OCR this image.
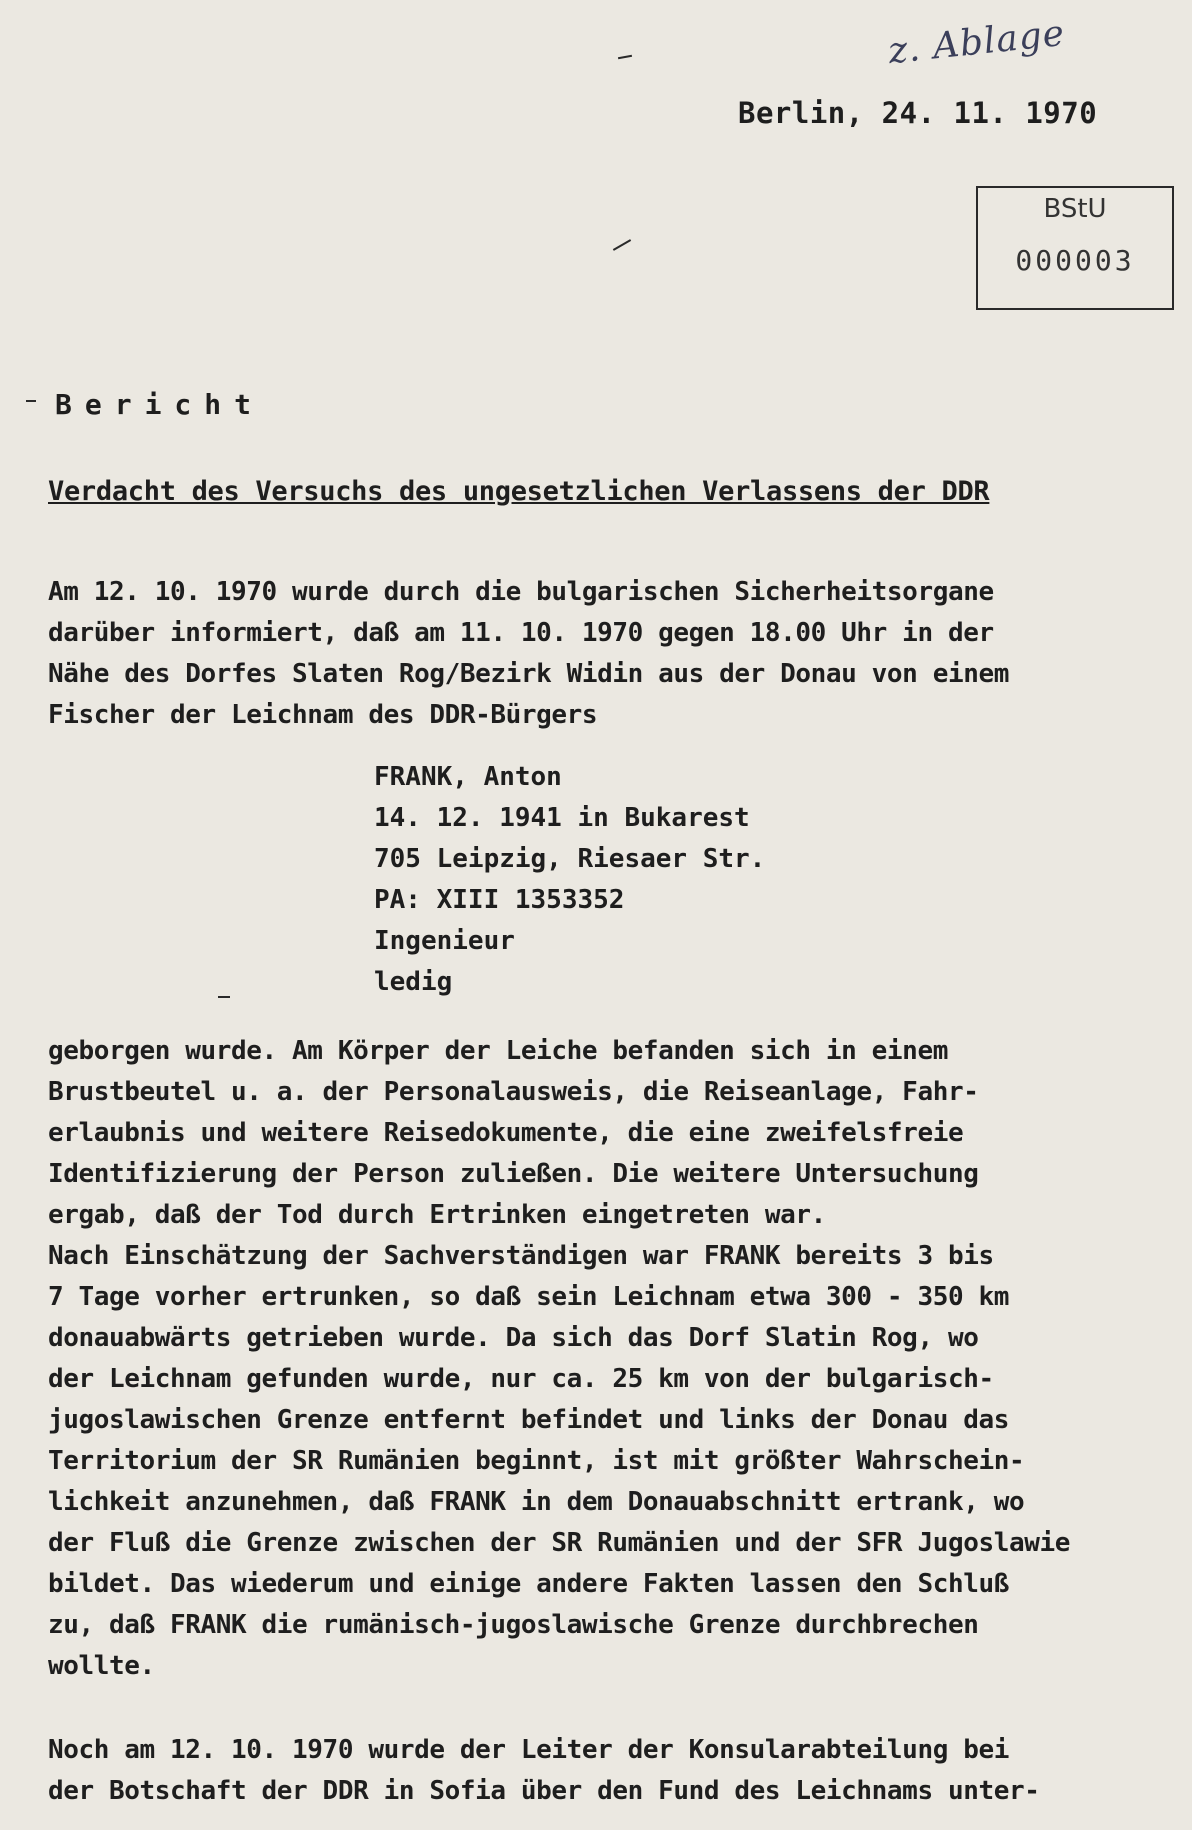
z. Ablage
Berlin, 24. 11. 1970
BStU
000003
Bericht
Verdacht des Versuchs des ungesetzlichen Verlassens der DDR
Am 12. 10. 1970 wurde durch die bulgarischen Sicherheitsorgane
darüber informiert, daß am 11. 10. 1970 gegen 18.00 Uhr in der
Nähe des Dorfes Slaten Rog/Bezirk Widin aus der Donau von einem
Fischer der Leichnam des DDR-Bürgers
FRANK, Anton
14. 12. 1941 in Bukarest
705 Leipzig, Riesaer Str.
PA: XIII 1353352
Ingenieur
ledig
geborgen wurde. Am Körper der Leiche befanden sich in einem
Brustbeutel u. a. der Personalausweis, die Reiseanlage, Fahr-
erlaubnis und weitere Reisedokumente, die eine zweifelsfreie
Identifizierung der Person zuließen. Die weitere Untersuchung
ergab, daß der Tod durch Ertrinken eingetreten war.
Nach Einschätzung der Sachverständigen war FRANK bereits 3 bis
7 Tage vorher ertrunken, so daß sein Leichnam etwa 300 - 350 km
donauabwärts getrieben wurde. Da sich das Dorf Slatin Rog, wo
der Leichnam gefunden wurde, nur ca. 25 km von der bulgarisch-
jugoslawischen Grenze entfernt befindet und links der Donau das
Territorium der SR Rumänien beginnt, ist mit größter Wahrschein-
lichkeit anzunehmen, daß FRANK in dem Donauabschnitt ertrank, wo
der Fluß die Grenze zwischen der SR Rumänien und der SFR Jugoslawie
bildet. Das wiederum und einige andere Fakten lassen den Schluß
zu, daß FRANK die rumänisch-jugoslawische Grenze durchbrechen
wollte.
Noch am 12. 10. 1970 wurde der Leiter der Konsularabteilung bei
der Botschaft der DDR in Sofia über den Fund des Leichnams unter-
